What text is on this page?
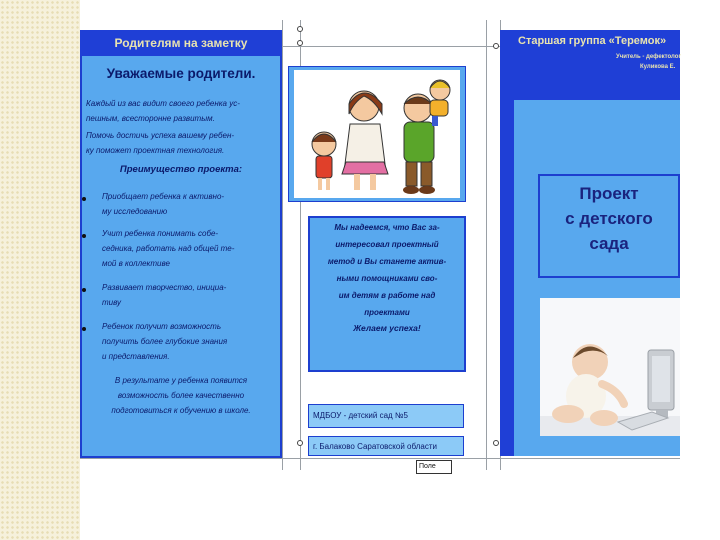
Родителям на заметку
Уважаемые родители.
Каждый из вас видит своего ребенка ус-
пешным, всесторонне развитым.
Помочь достичь успеха вашему ребен-
ку поможет проектная технология.
Преимущество проекта:
Приобщает ребенка к активно-
му исследованию
Учит ребенка понимать собе-
седника, работать над общей те-
мой в коллективе
Развивает творчество, инициа-
тиву
Ребенок получит возможность
получить более глубокие знания
и представления.
В результате у ребенка появится
возможность более качественно
подготовиться к обучению в школе.
Мы надеемся, что Вас за-
интересовал проектный
метод и Вы станете актив-
ными помощниками сво-
им детям в работе над
проектами
Желаем успеха!
МДБОУ - детский сад №5
г. Балаково Саратовской области
Поле
Старшая группа «Теремок»
Учитель - дефектолог
Куликова Е.
Проект
с детского
сада
